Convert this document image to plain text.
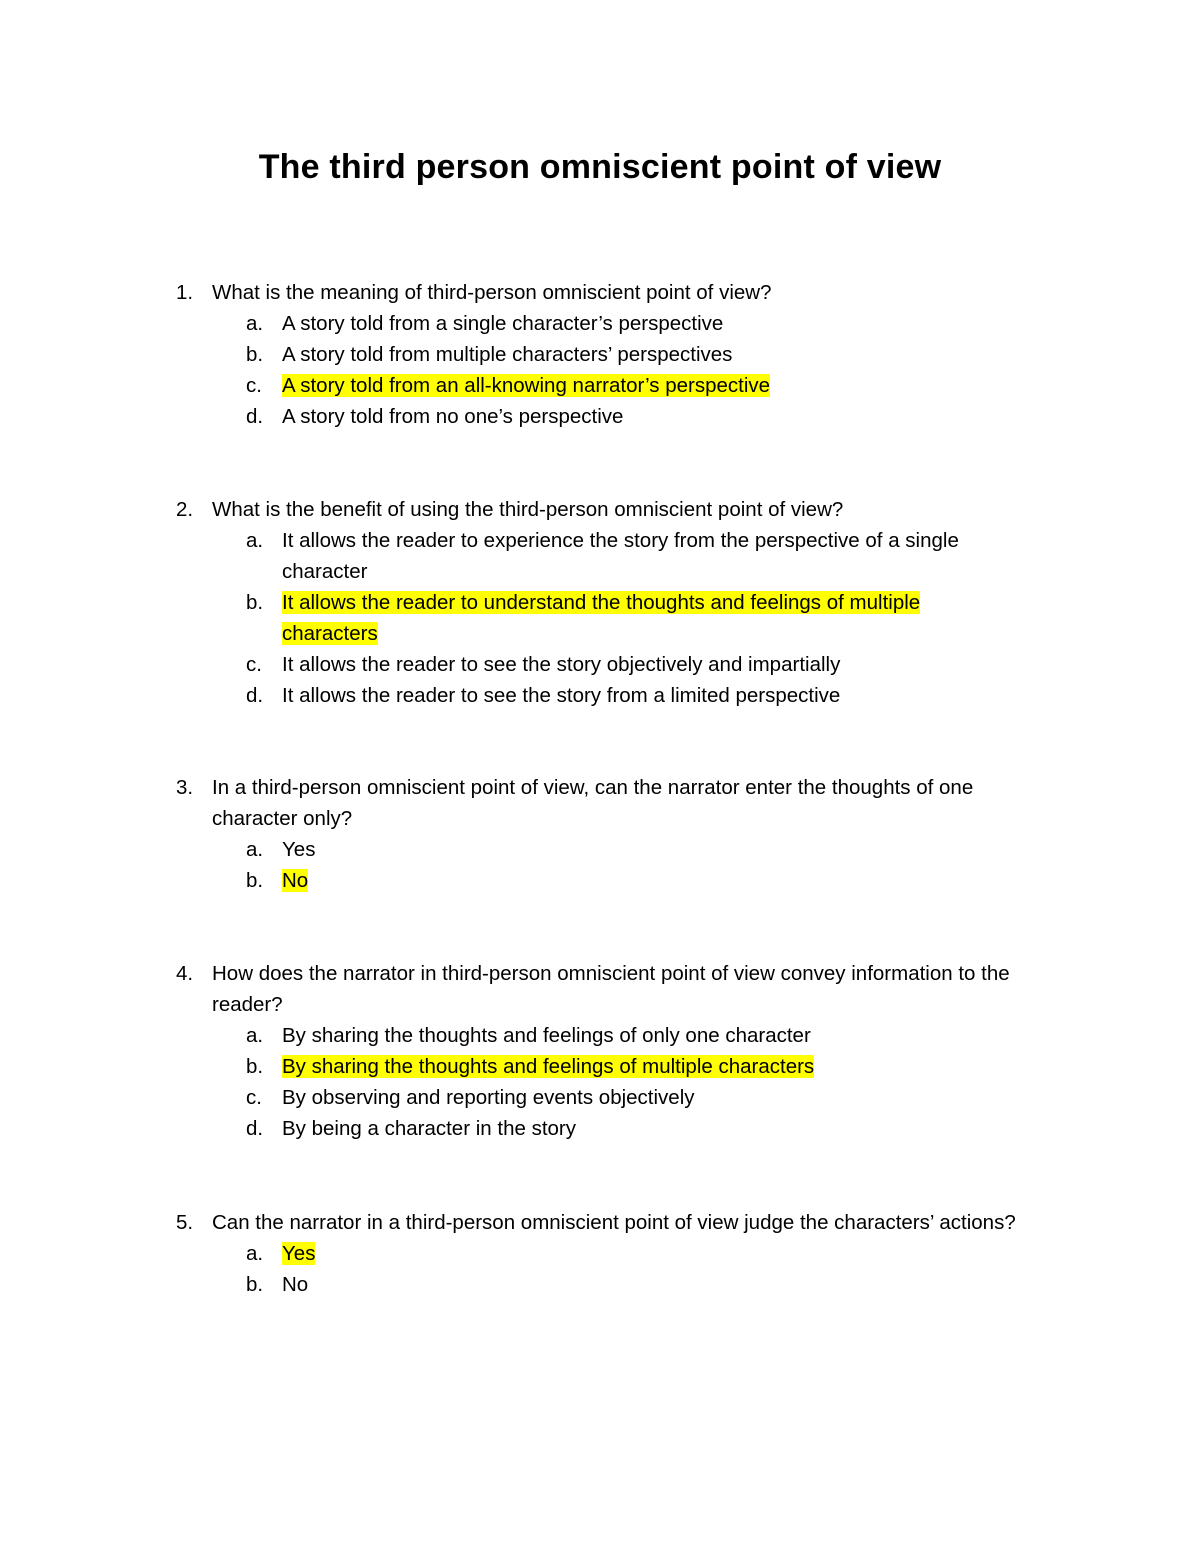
The third person omniscient point of view
1. What is the meaning of third-person omniscient point of view?
a. A story told from a single character’s perspective
b. A story told from multiple characters’ perspectives
c. A story told from an all-knowing narrator’s perspective
d. A story told from no one’s perspective
2. What is the benefit of using the third-person omniscient point of view?
a. It allows the reader to experience the story from the perspective of a single character
b. It allows the reader to understand the thoughts and feelings of multiple characters
c. It allows the reader to see the story objectively and impartially
d. It allows the reader to see the story from a limited perspective
3. In a third-person omniscient point of view, can the narrator enter the thoughts of one character only?
a. Yes
b. No
4. How does the narrator in third-person omniscient point of view convey information to the reader?
a. By sharing the thoughts and feelings of only one character
b. By sharing the thoughts and feelings of multiple characters
c. By observing and reporting events objectively
d. By being a character in the story
5. Can the narrator in a third-person omniscient point of view judge the characters’ actions?
a. Yes
b. No
